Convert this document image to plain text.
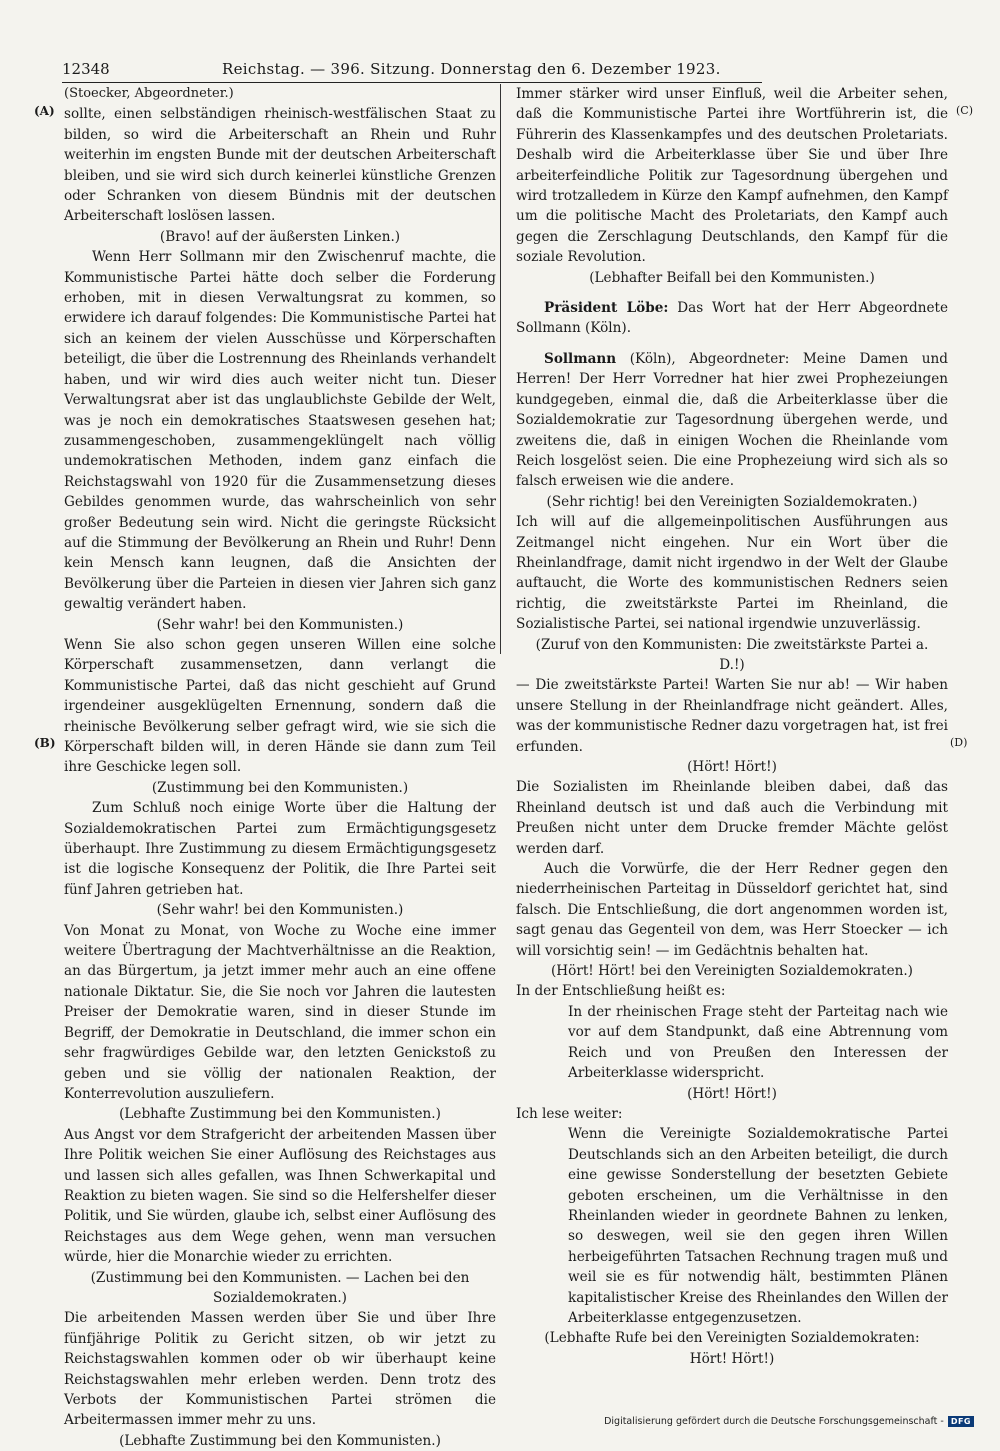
12348	Reichstag. — 396. Sitzung. Donnerstag den 6. Dezember 1923.
(A)
(B)
(C)
(D)

(Stoecker, Abgeordneter.)

sollte, einen selbständigen rheinisch-westfälischen Staat zu bilden, so wird die Arbeiterschaft an Rhein und Ruhr weiterhin im engsten Bunde mit der deutschen Arbeiterschaft bleiben, und sie wird sich durch keinerlei künstliche Grenzen oder Schranken von diesem Bündnis mit der deutschen Arbeiterschaft loslösen lassen.

(Bravo! auf der äußersten Linken.)

Wenn Herr Sollmann mir den Zwischenruf machte, die Kommunistische Partei hätte doch selber die Forderung erhoben, mit in diesen Verwaltungsrat zu kommen, so erwidere ich darauf folgendes: Die Kommunistische Partei hat sich an keinem der vielen Ausschüsse und Körperschaften beteiligt, die über die Lostrennung des Rheinlands verhandelt haben, und wir wird dies auch weiter nicht tun. Dieser Verwaltungsrat aber ist das unglaublichste Gebilde der Welt, was je noch ein demokratisches Staatswesen gesehen hat; zusammengeschoben, zusammengeklüngelt nach völlig undemokratischen Methoden, indem ganz einfach die Reichstagswahl von 1920 für die Zusammensetzung dieses Gebildes genommen wurde, das wahrscheinlich von sehr großer Bedeutung sein wird. Nicht die geringste Rücksicht auf die Stimmung der Bevölkerung an Rhein und Ruhr! Denn kein Mensch kann leugnen, daß die Ansichten der Bevölkerung über die Parteien in diesen vier Jahren sich ganz gewaltig verändert haben.

(Sehr wahr! bei den Kommunisten.)

Wenn Sie also schon gegen unseren Willen eine solche Körperschaft zusammensetzen, dann verlangt die Kommunistische Partei, daß das nicht geschieht auf Grund irgendeiner ausgeklügelten Ernennung, sondern daß die rheinische Bevölkerung selber gefragt wird, wie sie sich die Körperschaft bilden will, in deren Hände sie dann zum Teil ihre Geschicke legen soll.

(Zustimmung bei den Kommunisten.)

Zum Schluß noch einige Worte über die Haltung der Sozialdemokratischen Partei zum Ermächtigungsgesetz überhaupt. Ihre Zustimmung zu diesem Ermächtigungsgesetz ist die logische Konsequenz der Politik, die Ihre Partei seit fünf Jahren getrieben hat.

(Sehr wahr! bei den Kommunisten.)

Von Monat zu Monat, von Woche zu Woche eine immer weitere Übertragung der Machtverhältnisse an die Reaktion, an das Bürgertum, ja jetzt immer mehr auch an eine offene nationale Diktatur. Sie, die Sie noch vor Jahren die lautesten Preiser der Demokratie waren, sind in dieser Stunde im Begriff, der Demokratie in Deutschland, die immer schon ein sehr fragwürdiges Gebilde war, den letzten Genickstoß zu geben und sie völlig der nationalen Reaktion, der Konterrevolution auszuliefern.

(Lebhafte Zustimmung bei den Kommunisten.)

Aus Angst vor dem Strafgericht der arbeitenden Massen über Ihre Politik weichen Sie einer Auflösung des Reichstages aus und lassen sich alles gefallen, was Ihnen Schwerkapital und Reaktion zu bieten wagen. Sie sind so die Helfershelfer dieser Politik, und Sie würden, glaube ich, selbst einer Auflösung des Reichstages aus dem Wege gehen, wenn man versuchen würde, hier die Monarchie wieder zu errichten.

(Zustimmung bei den Kommunisten. — Lachen bei den Sozialdemokraten.)

Die arbeitenden Massen werden über Sie und über Ihre fünfjährige Politik zu Gericht sitzen, ob wir jetzt zu Reichstagswahlen kommen oder ob wir überhaupt keine Reichstagswahlen mehr erleben werden. Denn trotz des Verbots der Kommunistischen Partei strömen die Arbeitermassen immer mehr zu uns.

(Lebhafte Zustimmung bei den Kommunisten.)

Immer stärker wird unser Einfluß, weil die Arbeiter sehen, daß die Kommunistische Partei ihre Wortführerin ist, die Führerin des Klassenkampfes und des deutschen Proletariats. Deshalb wird die Arbeiterklasse über Sie und über Ihre arbeiterfeindliche Politik zur Tagesordnung übergehen und wird trotzalledem in Kürze den Kampf aufnehmen, den Kampf um die politische Macht des Proletariats, den Kampf auch gegen die Zerschlagung Deutschlands, den Kampf für die soziale Revolution.

(Lebhafter Beifall bei den Kommunisten.)

Präsident Löbe: Das Wort hat der Herr Abgeordnete Sollmann (Köln).

Sollmann (Köln), Abgeordneter: Meine Damen und Herren! Der Herr Vorredner hat hier zwei Prophezeiungen kundgegeben, einmal die, daß die Arbeiterklasse über die Sozialdemokratie zur Tagesordnung übergehen werde, und zweitens die, daß in einigen Wochen die Rheinlande vom Reich losgelöst seien. Die eine Prophezeiung wird sich als so falsch erweisen wie die andere.

(Sehr richtig! bei den Vereinigten Sozialdemokraten.)

Ich will auf die allgemeinpolitischen Ausführungen aus Zeitmangel nicht eingehen. Nur ein Wort über die Rheinlandfrage, damit nicht irgendwo in der Welt der Glaube auftaucht, die Worte des kommunistischen Redners seien richtig, die zweitstärkste Partei im Rheinland, die Sozialistische Partei, sei national irgendwie unzuverlässig.

(Zuruf von den Kommunisten: Die zweitstärkste Partei a. D.!)

— Die zweitstärkste Partei! Warten Sie nur ab! — Wir haben unsere Stellung in der Rheinlandfrage nicht geändert. Alles, was der kommunistische Redner dazu vorgetragen hat, ist frei erfunden.

(Hört! Hört!)

Die Sozialisten im Rheinlande bleiben dabei, daß das Rheinland deutsch ist und daß auch die Verbindung mit Preußen nicht unter dem Drucke fremder Mächte gelöst werden darf.

Auch die Vorwürfe, die der Herr Redner gegen den niederrheinischen Parteitag in Düsseldorf gerichtet hat, sind falsch. Die Entschließung, die dort angenommen worden ist, sagt genau das Gegenteil von dem, was Herr Stoecker — ich will vorsichtig sein! — im Gedächtnis behalten hat.

(Hört! Hört! bei den Vereinigten Sozialdemokraten.)

In der Entschließung heißt es:

In der rheinischen Frage steht der Parteitag nach wie vor auf dem Standpunkt, daß eine Abtrennung vom Reich und von Preußen den Interessen der Arbeiterklasse widerspricht.

(Hört! Hört!)

Ich lese weiter:

Wenn die Vereinigte Sozialdemokratische Partei Deutschlands sich an den Arbeiten beteiligt, die durch eine gewisse Sonderstellung der besetzten Gebiete geboten erscheinen, um die Verhältnisse in den Rheinlanden wieder in geordnete Bahnen zu lenken, so deswegen, weil sie den gegen ihren Willen herbeigeführten Tatsachen Rechnung tragen muß und weil sie es für notwendig hält, bestimmten Plänen kapitalistischer Kreise des Rheinlandes den Willen der Arbeiterklasse entgegenzusetzen.

(Lebhafte Rufe bei den Vereinigten Sozialdemokraten: Hört! Hört!)

Digitalisierung gefördert durch die Deutsche Forschungsgemeinschaft - DFG
